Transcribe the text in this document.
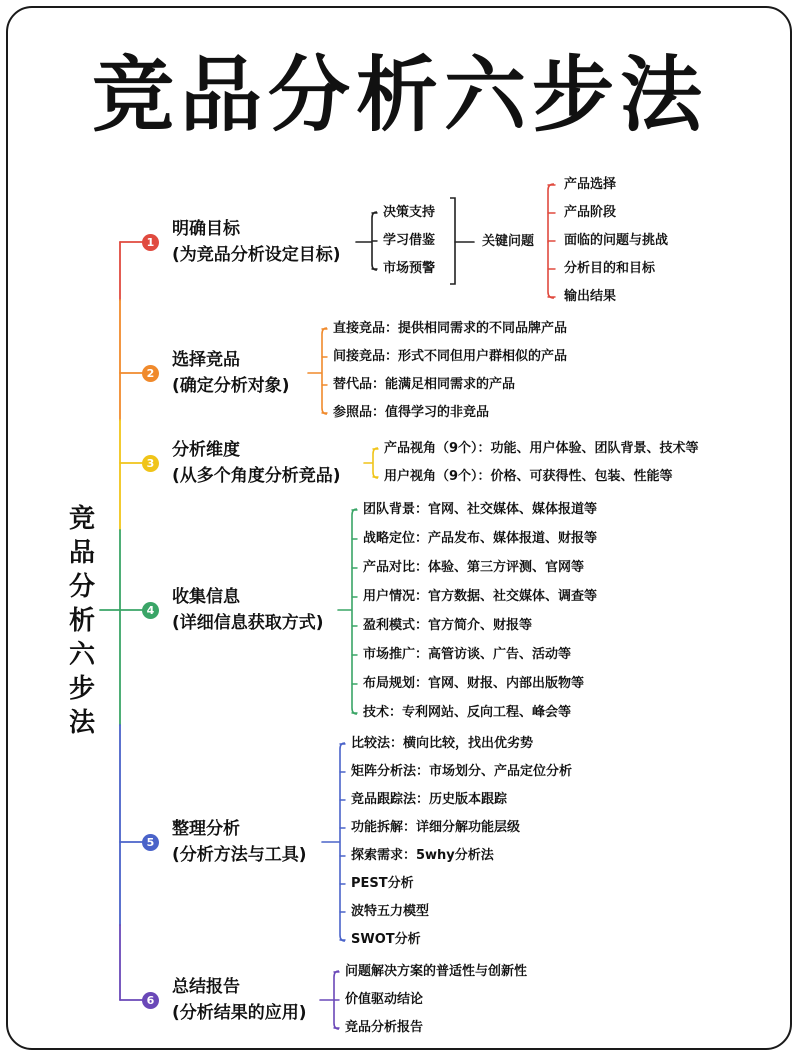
竞品分析六步法
竞
品
分
析
六
步
法
1
明确目标
(为竞品分析设定目标)
决策支持
学习借鉴
市场预警
关键问题
产品选择
产品阶段
面临的问题与挑战
分析目的和目标
输出结果
2
选择竞品
(确定分析对象)
直接竞品：提供相同需求的不同品牌产品
间接竞品：形式不同但用户群相似的产品
替代品：能满足相同需求的产品
参照品：值得学习的非竞品
3
分析维度
(从多个角度分析竞品)
产品视角（9个）：功能、用户体验、团队背景、技术等
用户视角（9个）：价格、可获得性、包装、性能等
4
收集信息
(详细信息获取方式)
团队背景：官网、社交媒体、媒体报道等
战略定位：产品发布、媒体报道、财报等
产品对比：体验、第三方评测、官网等
用户情况：官方数据、社交媒体、调查等
盈利模式：官方简介、财报等
市场推广：高管访谈、广告、活动等
布局规划：官网、财报、内部出版物等
技术：专利网站、反向工程、峰会等
5
整理分析
(分析方法与工具)
比较法：横向比较，找出优劣势
矩阵分析法：市场划分、产品定位分析
竞品跟踪法：历史版本跟踪
功能拆解：详细分解功能层级
探索需求：5why分析法
PEST分析
波特五力模型
SWOT分析
6
总结报告
(分析结果的应用)
问题解决方案的普适性与创新性
价值驱动结论
竞品分析报告
